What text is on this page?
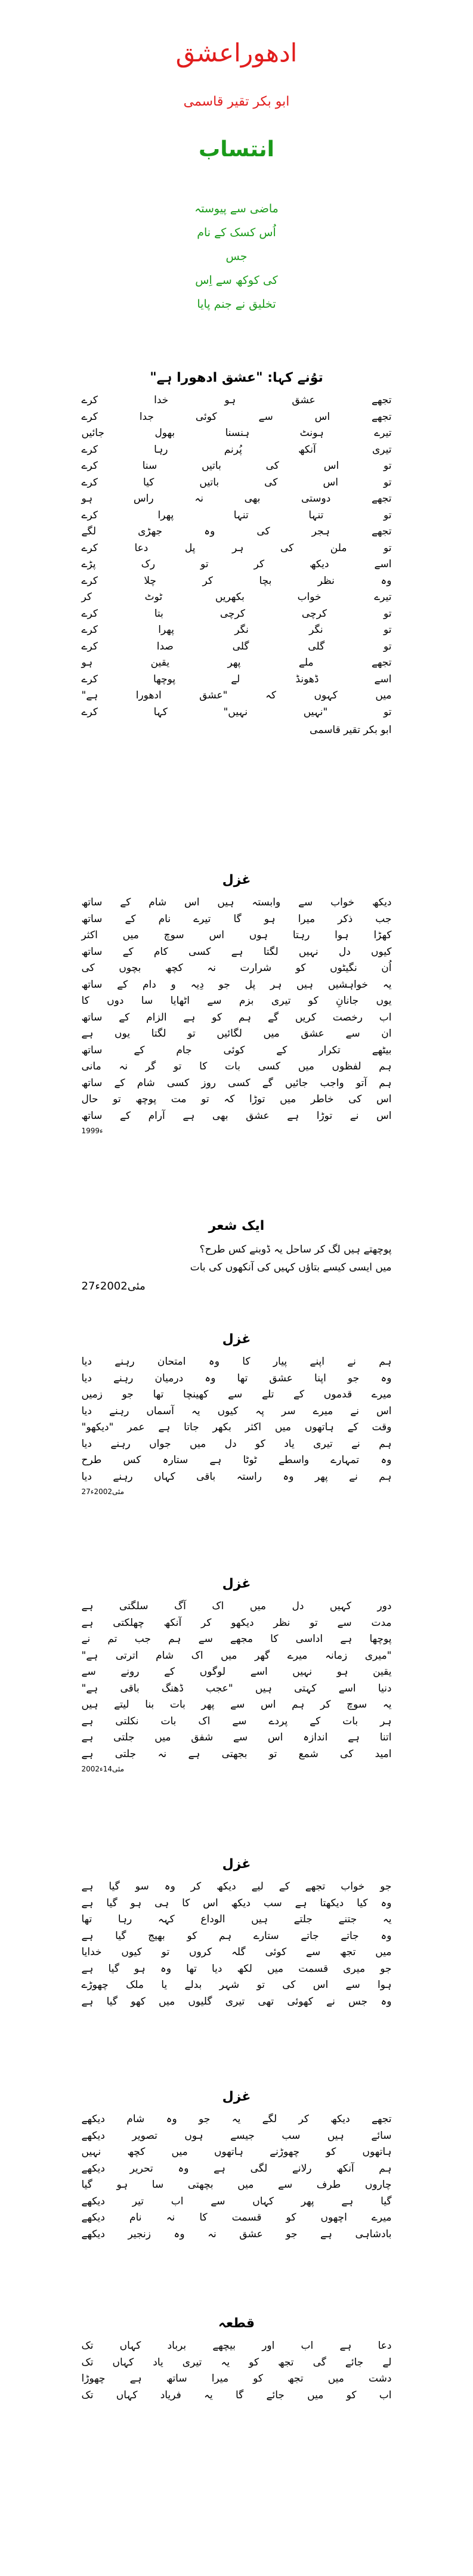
ادھوراعشق
ابو بکر تقیر قاسمی
انتساب
ماضی سے پیوستہ
اُس کسک کے نام
جس
کی کوکھ سے اِس
تخلیق نے جنم پایا
توُنے کہا: "عشق ادھورا ہے"
تجھے عشق ہو خدا کرے
تجھے اس سے کوئی جدا کرے
تیرے ہونٹ ہنسنا بھول جائیں
تیری آنکھ پُرنم رہا کرے
تو اس کی باتیں سنا کرے
تو اس کی باتیں کیا کرے
تجھے دوستی بھی نہ راس ہو
تو تنہا تنہا پھرا کرے
تجھے ہجر کی وہ جھڑی لگے
تو ملن کی ہر پل دعا کرے
اسے دیکھ کر تو رک پڑے
وہ نظر بچا کر چلا کرے
تیرے خواب بکھریں ٹوٹ کر
تو کرچی کرچی بتا کرے
تو نگر نگر پھرا کرے
تو گلی گلی صدا کرے
تجھے ملے پھر یقین ہو
اسے ڈھونڈ لے پوچھا کرے
میں کہوں کہ "عشق ادھورا ہے"
تو "نہیں نہیں" کہا کرے
ابو بکر تقیر قاسمی
غزل
دیکھ خواب سے وابستہ ہیں اس شام کے ساتھ
جب ذکر میرا ہو گا تیرے نام کے ساتھ
کھڑا ہوا رہتا ہوں اس سوچ میں اکثر
کیوں دل نہیں لگتا ہے کسی کام کے ساتھ
اُن نگیٹوں کو شرارت نہ کچھ بچوں کی
یہ خواہشیں ہیں ہر پل جو دِیہ و دام کے ساتھ
یوں جانانِ کو تیری بزم سے اٹھایا سا دوں کا
اب رخصت کریں گے ہم کو ہے الزام کے ساتھ
ان سے عشق میں لگائیں تو لگتا یوں ہے
بیٹھے تکرار کے کوئی جام کے ساتھ
ہم لفظوں میں کسی بات کا تو گر نہ مانی
ہم آتو واجب جائیں گے کسی روز کسی شام کے ساتھ
اس کی خاطر میں توڑا کہ تو مت پوچھ تو حال
اس نے توڑا ہے عشق بھی ہے آرام کے ساتھ
1999ء
ایک شعر
پوچھتے ہیں لگ کر ساحل یہ ڈوبنے کس طرح؟
میں ایسی کیسے بتاؤں کہیں کی آنکھوں کی بات
27مئی2002ء
غزل
ہم نے اپنے پیار کا وہ امتحان رہنے دیا
وہ جو اپنا عشق تھا وہ درمیان رہنے دیا
میرے قدموں کے تلے سے کھینچا تھا جو زمیں
اس نے میرے سر پہ کیوں یہ آسماں رہنے دیا
وقت کے ہاتھوں میں اکثر بکھر جاتا ہے عمر "دیکھو"
ہم نے تیری یاد کو دل میں جواں رہنے دیا
وہ تمہارے واسطے ٹوٹا ہے ستارہ کس طرح
ہم نے پھر وہ راستہ باقی کہاں رہنے دیا
27مئی2002ء
غزل
دور کہیں دل میں اک آگ سلگتی ہے
مدت سے تو نظر دیکھو کر آنکھ چھلکتی ہے
پوچھا ہے اداسی کا مجھے سے ہم جب تم نے
"میری زمانہ میرے گھر میں اک شام اترتی ہے"
یقین ہو نہیں اسے لوگوں کے رونے سے
دنیا اسے کہتی ہیں "عجب ڈھنگ باقی ہے"
یہ سوچ کر ہم اس سے پھر بات بنا لیتے ہیں
ہر بات کے پردے سے اک بات نکلتی ہے
اتنا ہے اندازہ اس سے شفق میں جلتی ہے
امید کی شمع تو بجھتی ہے نہ جلتی ہے
2002مئی14ء
غزل
جو خواب تجھے کے لیے دیکھ کر وہ سو گیا ہے
وہ کیا دیکھتا ہے سب دیکھ اس کا ہی ہو گیا ہے
یہ جتنے جلتے ہیں الوداع کہہ رہا تھا
وہ جاتے جاتے ستارے ہم کو بھیج گیا ہے
میں تجھ سے کوئی گلہ کروں تو کیوں خدایا
جو میری قسمت میں لکھ دیا تھا وہ ہو گیا ہے
ہوا سے اس کی تو شہر بدلے یا ملک چھوڑے
وہ جس نے کھوئی تھی تیری گلیوں میں کھو گیا ہے
غزل
تجھے دیکھ کر لگے یہ جو وہ شام دیکھے
سائے ہیں سب جیسے ہوں تصویر دیکھے
ہاتھوں کو چھوڑنے ہاتھوں میں کچھ نہیں
ہم آنکھ رلانے لگی ہے وہ تحریر دیکھے
چاروں طرف سے میں بچھتی سا ہو گیا
گیا ہے پھر کہاں سے اب تیر دیکھے
میرے اچھوں کو قسمت کا نہ نام دیکھے
بادشاہی ہے جو عشق نہ وہ زنجیر دیکھے
قطعہ
دعا ہے اب اور بیچھے برباد کہاں تک
لے جائے گی تجھ کو یہ تیری یاد کہاں تک
دشت میں تجھ کو میرا ساتھ ہے چھوڑا
اب کو میں جائے گا یہ فریاد کہاں تک
